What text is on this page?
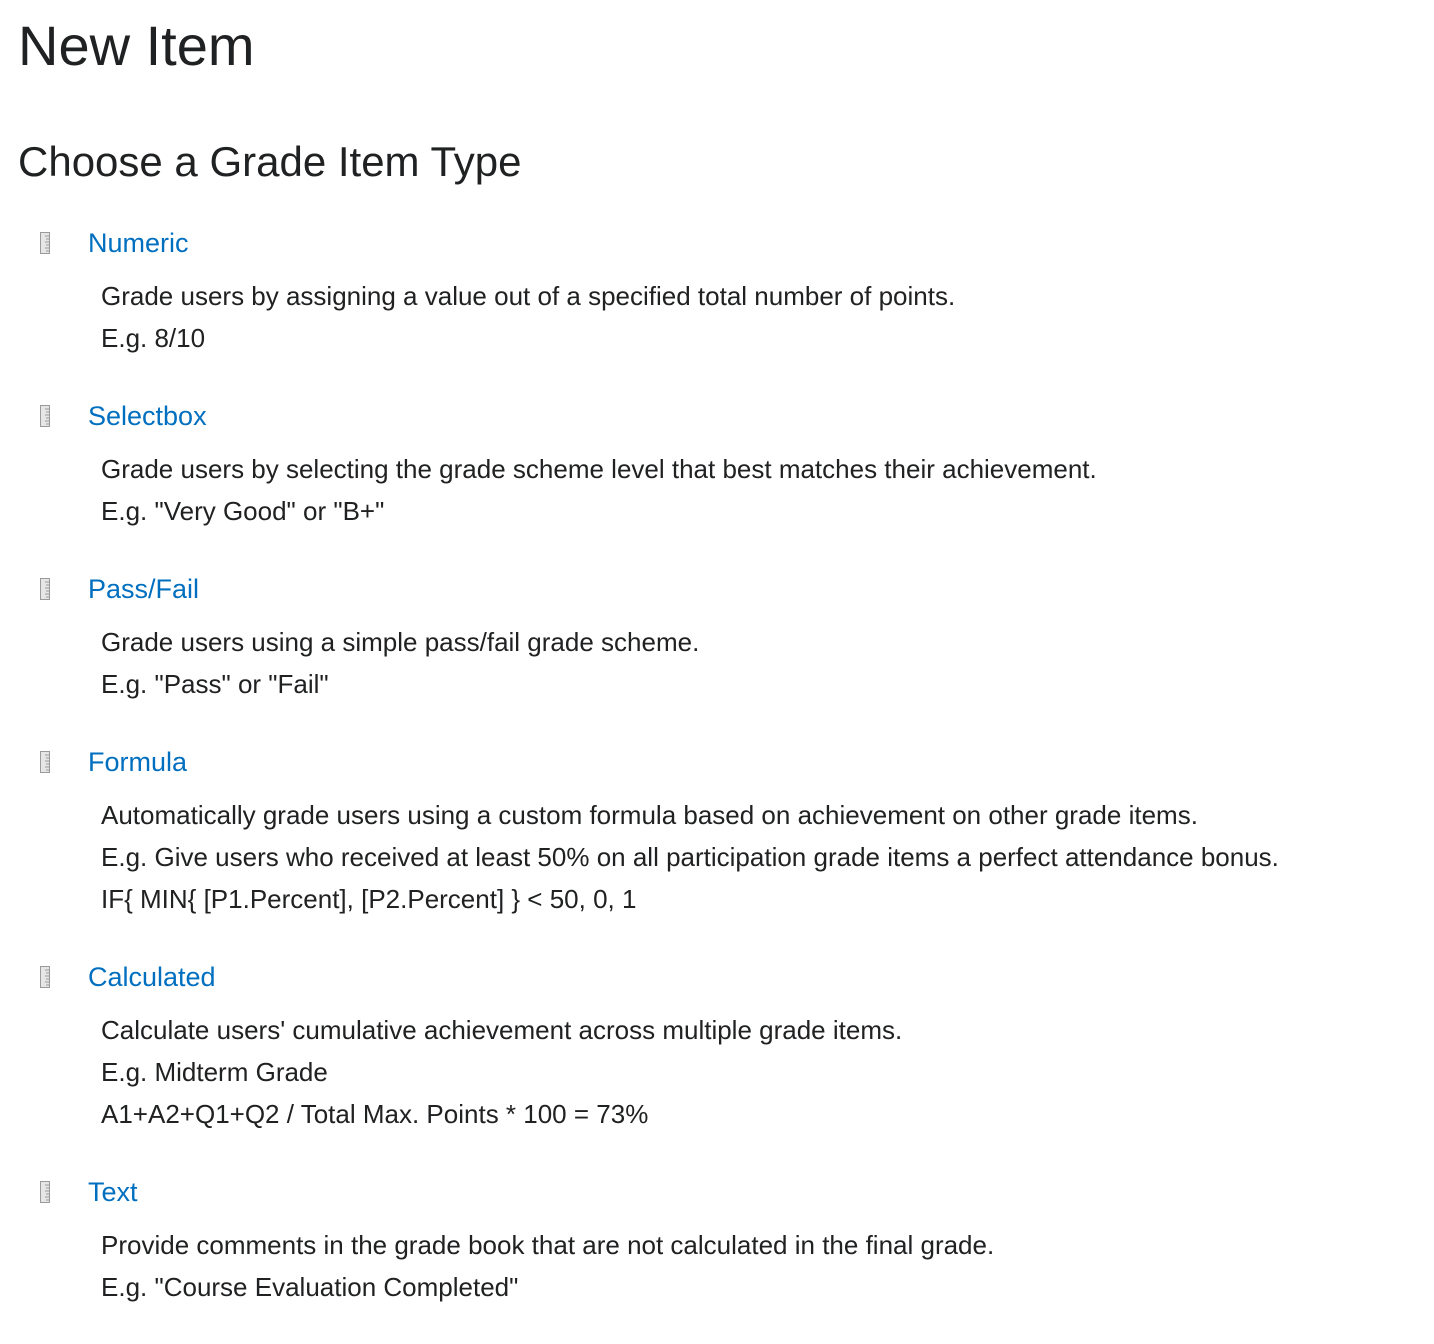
New Item
Choose a Grade Item Type
Numeric
Grade users by assigning a value out of a specified total number of points.
E.g. 8/10
Selectbox
Grade users by selecting the grade scheme level that best matches their achievement.
E.g. "Very Good" or "B+"
Pass/Fail
Grade users using a simple pass/fail grade scheme.
E.g. "Pass" or "Fail"
Formula
Automatically grade users using a custom formula based on achievement on other grade items.
E.g. Give users who received at least 50% on all participation grade items a perfect attendance bonus.
IF{ MIN{ [P1.Percent], [P2.Percent] } < 50, 0, 1
Calculated
Calculate users' cumulative achievement across multiple grade items.
E.g. Midterm Grade
A1+A2+Q1+Q2 / Total Max. Points * 100 = 73%
Text
Provide comments in the grade book that are not calculated in the final grade.
E.g. "Course Evaluation Completed"
